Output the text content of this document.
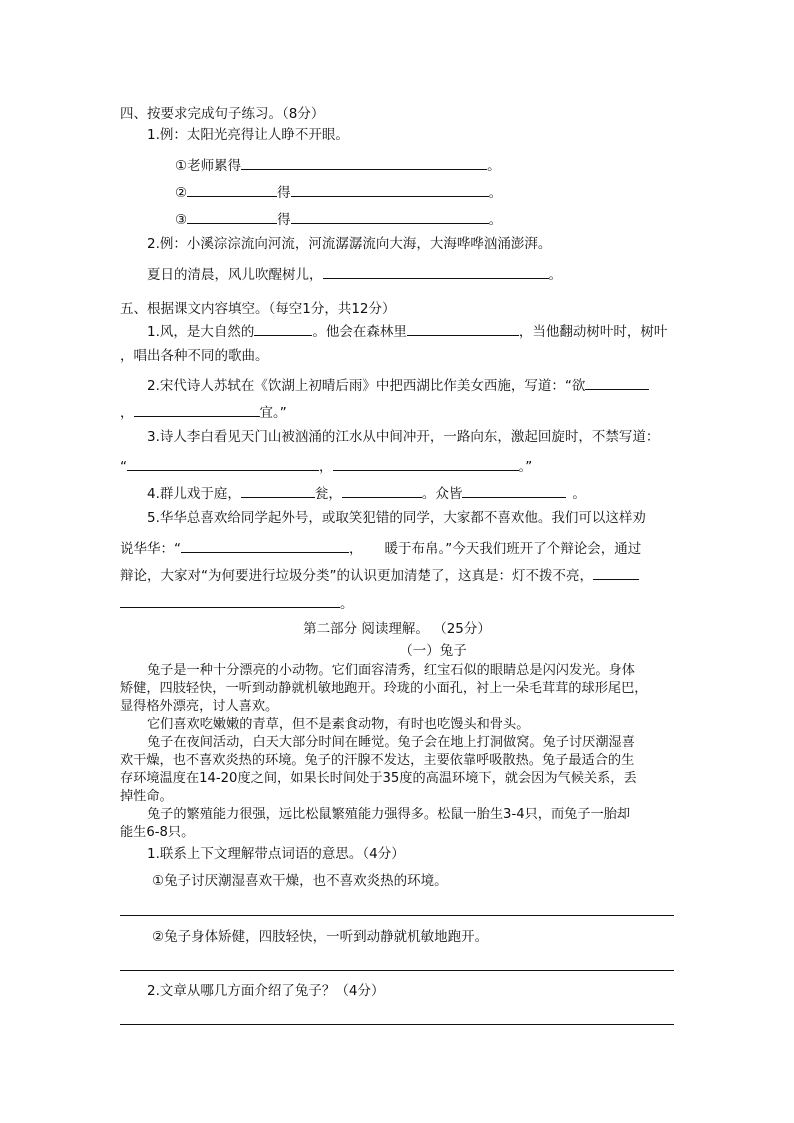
四、按要求完成句子练习。（8分）
1.例：太阳光亮得让人睁不开眼。
①老师累得	。
②	得	。
③	得	。
2.例：小溪淙淙流向河流，河流潺潺流向大海，大海哗哗汹涌澎湃。
夏日的清晨，风儿吹醒树儿，	。
五、根据课文内容填空。（每空1分，共12分）
1.风，是大自然的	。他会在森林里	，当他翻动树叶时，树叶
，唱出各种不同的歌曲。
2.宋代诗人苏轼在《饮湖上初晴后雨》中把西湖比作美女西施，写道：“欲
，	宜。”
3.诗人李白看见天门山被汹涌的江水从中间冲开，一路向东，激起回旋时，不禁写道：
“	，	。”
4.群儿戏于庭，	瓮，	。众皆	。
5.华华总喜欢给同学起外号，或取笑犯错的同学，大家都不喜欢他。我们可以这样劝
说华华：“	， 暖于布帛。”今天我们班开了个辩论会，通过
辩论，大家对“为何要进行垃圾分类”的认识更加清楚了，这真是：灯不拨不亮，
。
第二部分 阅读理解。 （25分）
（一）兔子
兔子是一种十分漂亮的小动物。它们面容清秀，红宝石似的眼睛总是闪闪发光。身体
矫健，四肢轻快，一听到动静就机敏地跑开。玲珑的小面孔，衬上一朵毛茸茸的球形尾巴，
显得格外漂亮，讨人喜欢。
它们喜欢吃嫩嫩的青草，但不是素食动物，有时也吃馒头和骨头。
兔子在夜间活动，白天大部分时间在睡觉。兔子会在地上打洞做窝。兔子讨厌潮湿喜
欢干燥，也不喜欢炎热的环境。兔子的汗腺不发达，主要依靠呼吸散热。兔子最适合的生
存环境温度在14-20度之间，如果长时间处于35度的高温环境下，就会因为气候关系，丢
掉性命。
兔子的繁殖能力很强，远比松鼠繁殖能力强得多。松鼠一胎生3-4只，而兔子一胎却
能生6-8只。
1.联系上下文理解带点词语的意思。（4分）
①兔子讨厌潮湿喜欢干燥，也不喜欢炎热的环境。
②兔子身体矫健，四肢轻快，一听到动静就机敏地跑开。
2.文章从哪几方面介绍了兔子？（4分）
